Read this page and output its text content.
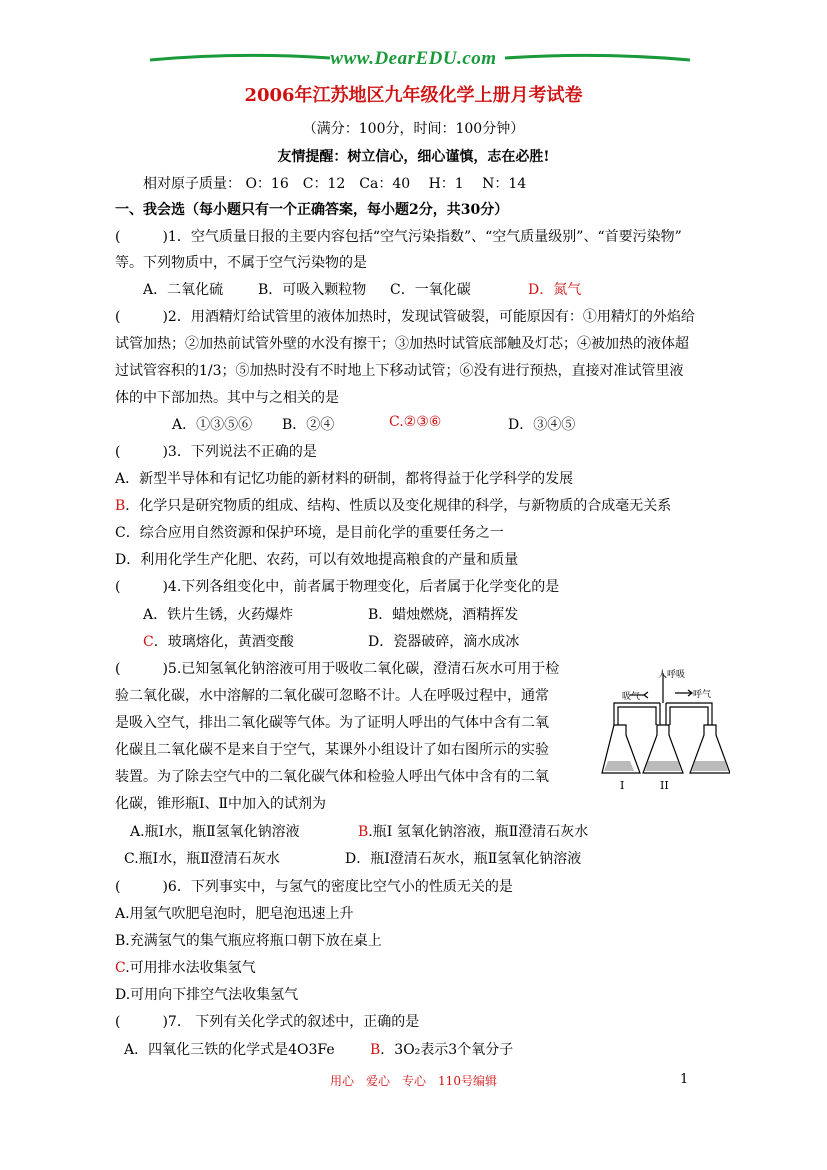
www.DearEDU.com
2006年江苏地区九年级化学上册月考试卷
（满分：100分，时间：100分钟）
友情提醒：树立信心，细心谨慎，志在必胜!
相对原子质量： O：16　C：12　Ca：40　 H：1　 N：14
一、我会选（每小题只有一个正确答案，每小题2分，共30分）
(　　　)1．空气质量日报的主要内容包括“空气污染指数”、“空气质量级别”、“首要污染物”
等。下列物质中，不属于空气污染物的是
A．二氧化硫 B．可吸入颗粒物 C．一氧化碳	D．氮气
(　　　)2．用酒精灯给试管里的液体加热时，发现试管破裂，可能原因有：①用精灯的外焰给
试管加热；②加热前试管外壁的水没有擦干；③加热时试管底部触及灯芯；④被加热的液体超
过试管容积的1/3；⑤加热时没有不时地上下移动试管；⑥没有进行预热，直接对准试管里液
体的中下部加热。其中与之相关的是
A．①③⑤⑥ B．②④	C.②③⑥	D．③④⑤
(　　　)3．下列说法不正确的是
A．新型半导体和有记忆功能的新材料的研制，都将得益于化学科学的发展
B．化学只是研究物质的组成、结构、性质以及变化规律的科学，与新物质的合成毫无关系
C．综合应用自然资源和保护环境，是目前化学的重要任务之一
D．利用化学生产化肥、农药，可以有效地提高粮食的产量和质量
(　　　)4.下列各组变化中，前者属于物理变化，后者属于化学变化的是
A．铁片生锈，火药爆炸	B．蜡烛燃烧，酒精挥发
C．玻璃熔化，黄酒变酸	D．瓷器破碎，滴水成冰
(　　　)5.已知氢氧化钠溶液可用于吸收二氧化碳，澄清石灰水可用于检
验二氧化碳，水中溶解的二氧化碳可忽略不计。人在呼吸过程中，通常
是吸入空气，排出二氧化碳等气体。为了证明人呼出的气体中含有二氧
化碳且二氧化碳不是来自于空气，某课外小组设计了如右图所示的实验
装置。为了除去空气中的二氧化碳气体和检验人呼出气体中含有的二氧
化碳，锥形瓶Ⅰ、Ⅱ中加入的试剂为
A.瓶Ⅰ水，瓶Ⅱ氢氧化钠溶液	B.瓶Ⅰ 氢氧化钠溶液，瓶Ⅱ澄清石灰水
C.瓶Ⅰ水，瓶Ⅱ澄清石灰水	D．瓶Ⅰ澄清石灰水，瓶Ⅱ氢氧化钠溶液
人呼吸
吸气	呼气
I	II
(　　　)6．下列事实中，与氢气的密度比空气小的性质无关的是
A.用氢气吹肥皂泡时，肥皂泡迅速上升
B.充满氢气的集气瓶应将瓶口朝下放在桌上
C.可用排水法收集氢气
D.可用向下排空气法收集氢气
(　　　)7.　下列有关化学式的叙述中，正确的是
A．四氧化三铁的化学式是4O3Fe	B．3O₂表示3个氧分子
用心　爱心　专心　110号编辑	1
